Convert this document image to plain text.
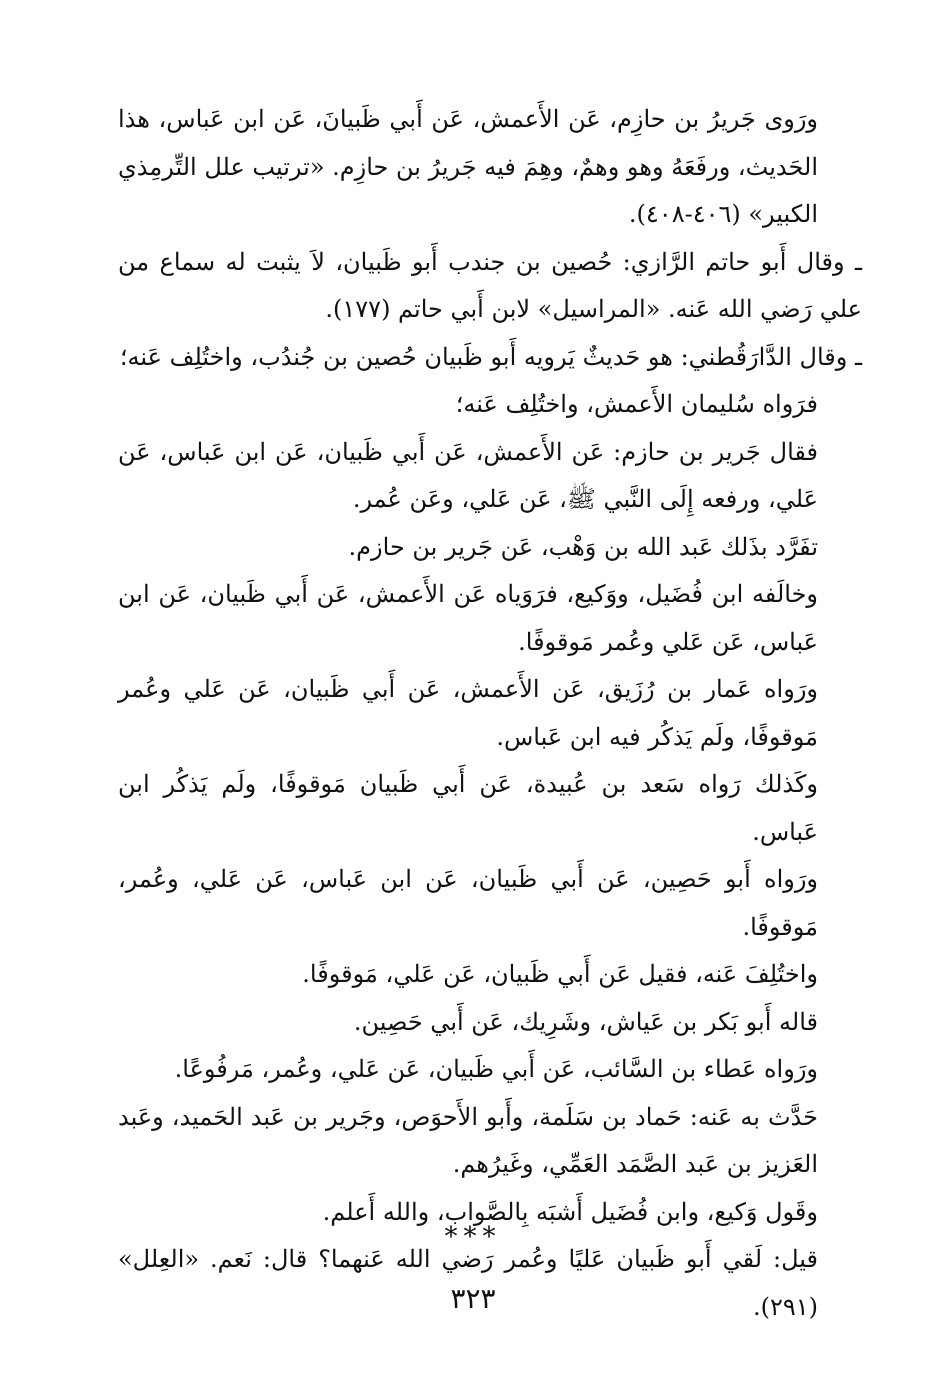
ورَوى جَريرُ بن حازِم، عَن الأَعمش، عَن أَبي ظَبيانَ، عَن ابن عَباس، هذا الحَديث، ورفَعَهُ وهو وهمٌ، وهِمَ فيه جَريرُ بن حازِم. «ترتيب علل التِّرمِذي الكبير» (٤٠٦-٤٠٨).

ـ وقال أَبو حاتم الرَّازي: حُصين بن جندب أَبو ظَبيان، لاَ يثبت له سماع من علي رَضي الله عَنه. «المراسيل» لابن أَبي حاتم (١٧٧).

ـ وقال الدَّارَقُطني: هو حَديثٌ يَرويه أَبو ظَبيان حُصين بن جُندُب، واختُلِف عَنه؛

فرَواه سُليمان الأَعمش، واختُلِف عَنه؛

فقال جَرير بن حازم: عَن الأَعمش، عَن أَبي ظَبيان، عَن ابن عَباس، عَن عَلي، ورفعه إِلَى النَّبي ﷺ، عَن عَلي، وعَن عُمر.

تفَرَّد بذَلك عَبد الله بن وَهْب، عَن جَرير بن حازم.

وخالَفه ابن فُضَيل، ووَكيع، فرَوَياه عَن الأَعمش، عَن أَبي ظَبيان، عَن ابن عَباس، عَن عَلي وعُمر مَوقوفًا.

ورَواه عَمار بن رُزَيق، عَن الأَعمش، عَن أَبي ظَبيان، عَن عَلي وعُمر مَوقوفًا، ولَم يَذكُر فيه ابن عَباس.

وكَذلك رَواه سَعد بن عُبيدة، عَن أَبي ظَبيان مَوقوفًا، ولَم يَذكُر ابن عَباس.

ورَواه أَبو حَصِين، عَن أَبي ظَبيان، عَن ابن عَباس، عَن عَلي، وعُمر، مَوقوفًا.

واختُلِفَ عَنه، فقيل عَن أَبي ظَبيان، عَن عَلي، مَوقوفًا.

قاله أَبو بَكر بن عَياش، وشَرِيك، عَن أَبي حَصِين.

ورَواه عَطاء بن السَّائب، عَن أَبي ظَبيان، عَن عَلي، وعُمر، مَرفُوعًا.

حَدَّث به عَنه: حَماد بن سَلَمة، وأَبو الأَحوَص، وجَرير بن عَبد الحَميد، وعَبد العَزيز بن عَبد الصَّمَد العَمِّي، وغَيرُهم.

وقَول وَكيع، وابن فُضَيل أَشبَه بِالصَّواب، والله أَعلم.

قيل: لَقي أَبو ظَبيان عَليًا وعُمر رَضي الله عَنهما؟ قال: نَعم. «العِلل» (٢٩١).

***
٣٢٣
